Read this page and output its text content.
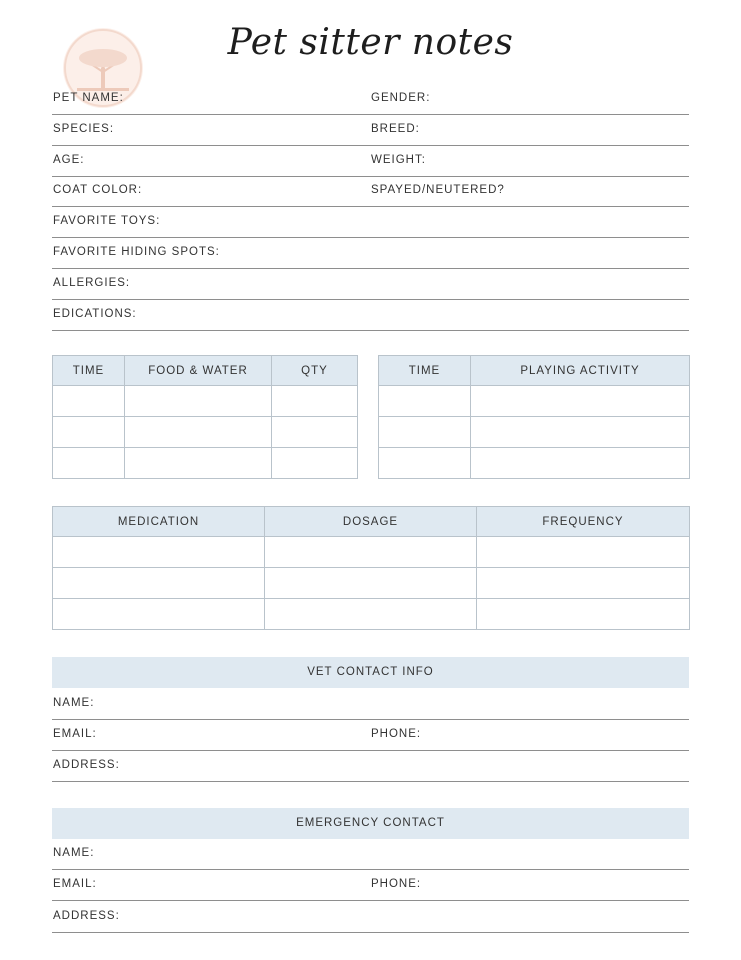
Pet sitter notes
PET NAME:	GENDER:
SPECIES:	BREED:
AGE:	WEIGHT:
COAT COLOR:	SPAYED/NEUTERED?
FAVORITE TOYS:
FAVORITE HIDING SPOTS:
ALLERGIES:
EDICATIONS:
TIME	FOOD & WATER	QTY

			TIME	PLAYING ACTIVITY

MEDICATION	DOSAGE	FREQUENCY

VET CONTACT INFO
NAME:
EMAIL:	PHONE:
ADDRESS:
EMERGENCY CONTACT
NAME:
EMAIL:	PHONE:
ADDRESS:
